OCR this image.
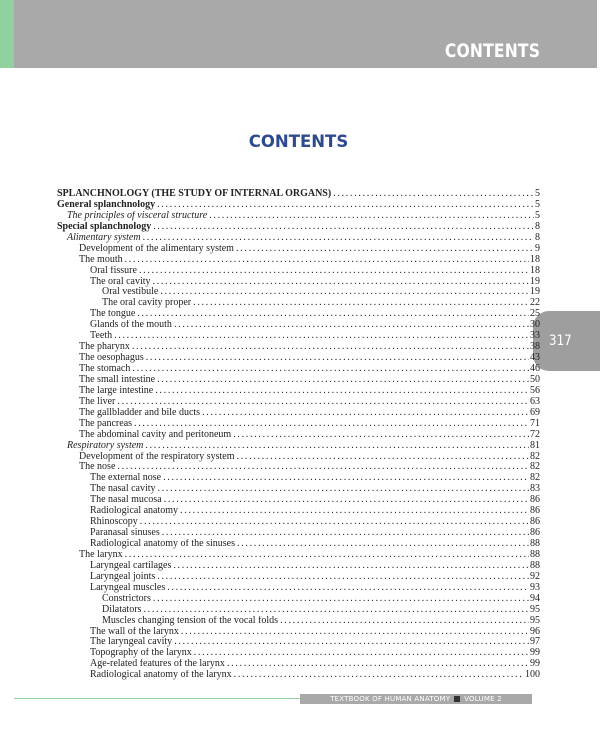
CONTENTS
CONTENTS
317
SPLANCHNOLOGY (THE STUDY OF INTERNAL ORGANS) . . .	5
General splanchnology . . .	5
The principles of visceral structure . . .	5
Special splanchnology . . .	8
Alimentary system . . .	8
Development of the alimentary system . . .	9
The mouth . . .	18
Oral fissure . . .	18
The oral cavity . . .	19
Oral vestibule . . .	19
The oral cavity proper . . .	22
The tongue . . .	25
Glands of the mouth . . .	30
Teeth . . .	33
The pharynx . . .	38
The oesophagus . . .	43
The stomach . . .	46
The small intestine . . .	50
The large intestine . . .	56
The liver . . .	63
The gallbladder and bile ducts . . .	69
The pancreas . . .	71
The abdominal cavity and peritoneum . . .	72
Respiratory system . . .	81
Development of the respiratory system . . .	82
The nose . . .	82
The external nose . . .	82
The nasal cavity . . .	83
The nasal mucosa . . .	86
Radiological anatomy . . .	86
Rhinoscopy . . .	86
Paranasal sinuses . . .	86
Radiological anatomy of the sinuses . . .	88
The larynx . . .	88
Laryngeal cartilages . . .	88
Laryngeal joints . . .	92
Laryngeal muscles . . .	93
Constrictors . . .	94
Dilatators . . .	95
Muscles changing tension of the vocal folds . . .	95
The wall of the larynx . . .	96
The laryngeal cavity . . .	97
Topography of the larynx . . .	99
Age-related features of the larynx . . .	99
Radiological anatomy of the larynx . . .	100
TEXTBOOK OF HUMAN ANATOMY VOLUME 2
